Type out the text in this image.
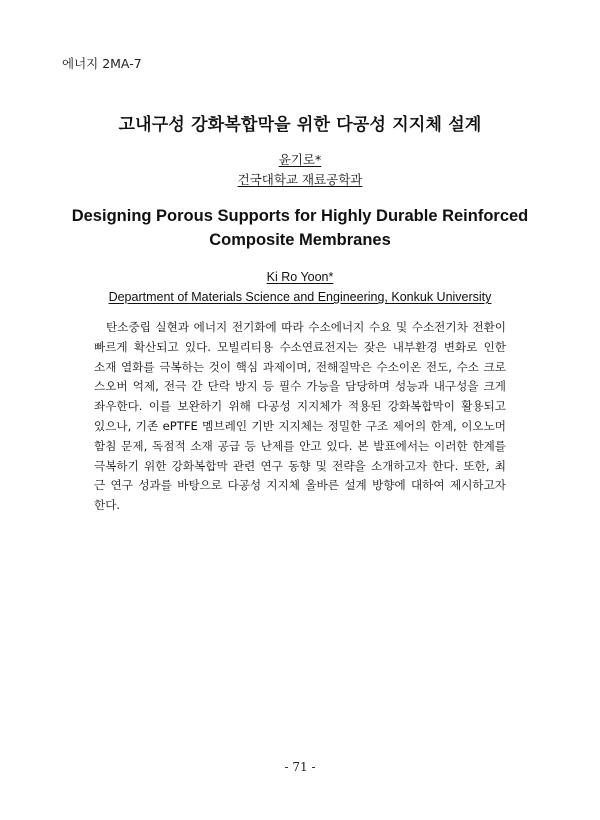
에너지 2MA-7
고내구성 강화복합막을 위한 다공성 지지체 설계
윤기로*
건국대학교 재료공학과
Designing Porous Supports for Highly Durable Reinforced Composite Membranes
Ki Ro Yoon*
Department of Materials Science and Engineering, Konkuk University
탄소중립 실현과 에너지 전기화에 따라 수소에너지 수요 및 수소전기차 전환이
빠르게 확산되고 있다. 모빌리티용 수소연료전지는 잦은 내부환경 변화로 인한
소재 열화를 극복하는 것이 핵심 과제이며, 전해질막은 수소이온 전도, 수소 크로
스오버 억제, 전극 간 단락 방지 등 필수 가능을 담당하며 성능과 내구성을 크게
좌우한다. 이를 보완하기 위해 다공성 지지체가 적용된 강화복합막이 활용되고
있으나, 기존 ePTFE 멤브레인 기반 지지체는 정밀한 구조 제어의 한계, 이오노머
함침 문제, 독점적 소재 공급 등 난제를 안고 있다. 본 발표에서는 이러한 한계를
극복하기 위한 강화복합막 관련 연구 동향 및 전략을 소개하고자 한다. 또한, 최
근 연구 성과를 바탕으로 다공성 지지체 올바른 설계 방향에 대하여 제시하고자
한다.
- 71 -
